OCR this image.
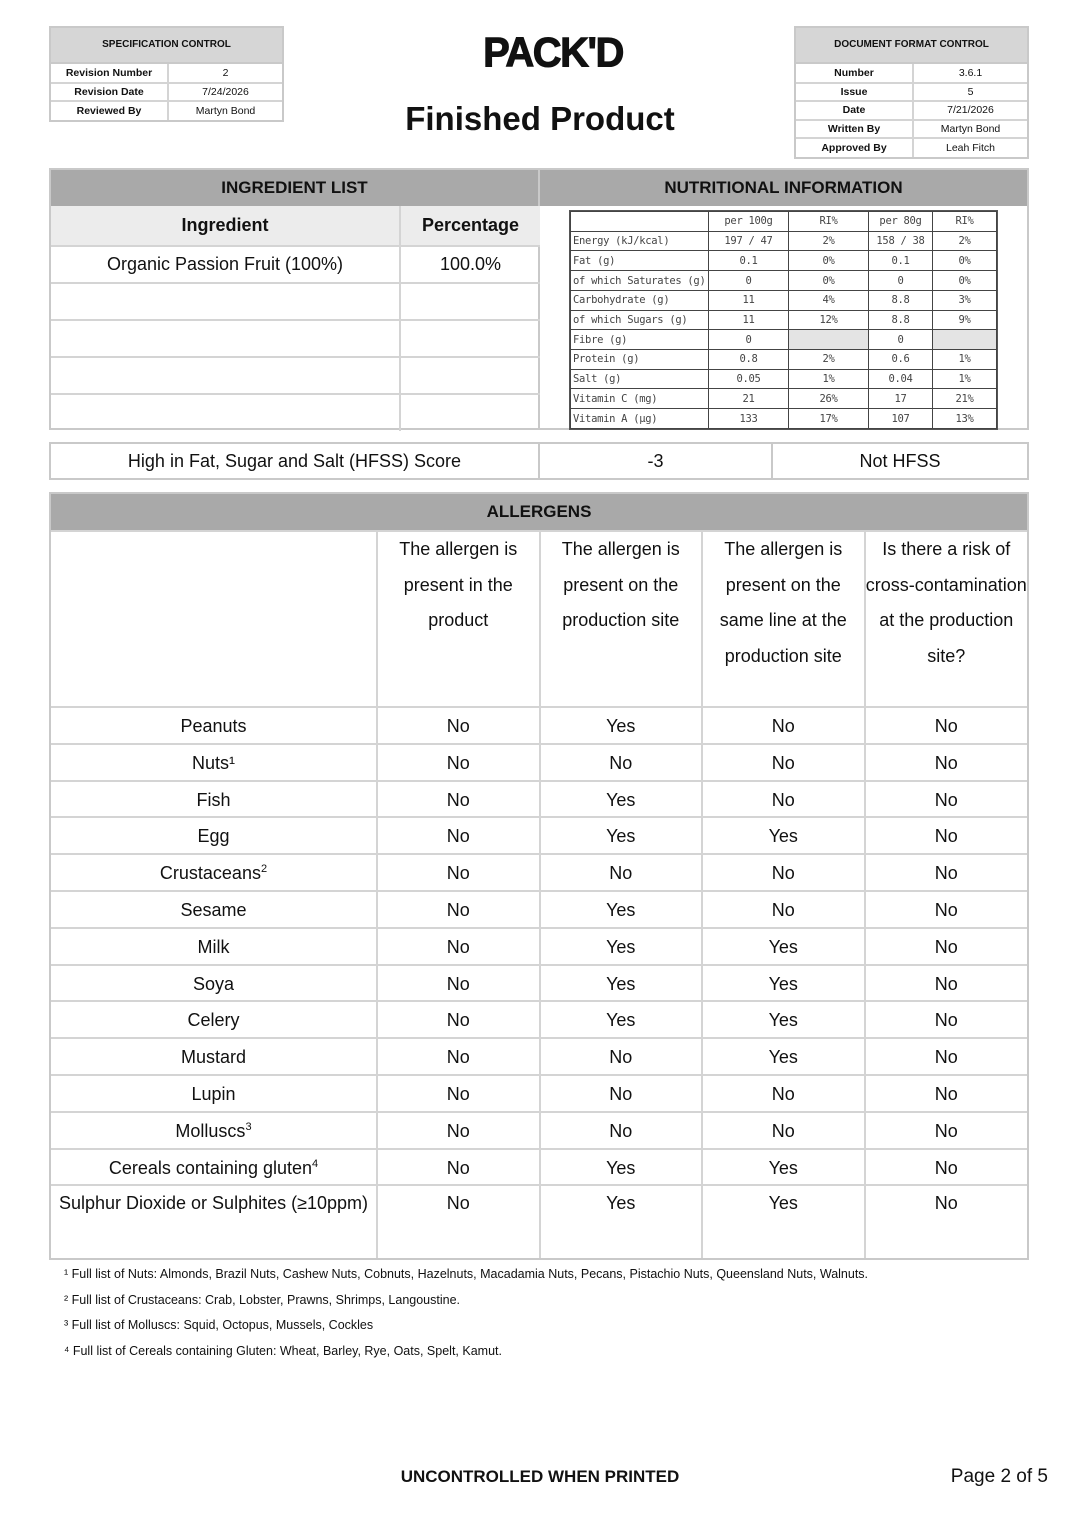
SPECIFICATION CONTROL
Revision Number	2
Revision Date	7/24/2026
Reviewed By	Martyn Bond
PACK'D
Finished Product
DOCUMENT FORMAT CONTROL
Number	3.6.1
Issue	5
Date	7/21/2026
Written By	Martyn Bond
Approved By	Leah Fitch
INGREDIENT LIST
Ingredient	Percentage
Organic Passion Fruit (100%)	100.0%

NUTRITIONAL INFORMATION
	per 100g	RI%	per 80g	RI%
Energy (kJ/kcal)	197 / 47	2%	158 / 38	2%
Fat (g)	0.1	0%	0.1	0%
of which Saturates (g)	0	0%	0	0%
Carbohydrate (g)	11	4%	8.8	3%
of which Sugars (g)	11	12%	8.8	9%
Fibre (g)	0		0	
Protein (g)	0.8	2%	0.6	1%
Salt (g)	0.05	1%	0.04	1%
Vitamin C (mg)	21	26%	17	21%
Vitamin A (µg)	133	17%	107	13%
High in Fat, Sugar and Salt (HFSS) Score	-3	Not HFSS
ALLERGENS
	The allergen is present in the product	The allergen is present on the production site	The allergen is present on the same line at the production site	Is there a risk of cross-contamination at the production site?
Peanuts	No	Yes	No	No
Nuts¹	No	No	No	No
Fish	No	Yes	No	No
Egg	No	Yes	Yes	No
Crustaceans$^2$	No	No	No	No
Sesame	No	Yes	No	No
Milk	No	Yes	Yes	No
Soya	No	Yes	Yes	No
Celery	No	Yes	Yes	No
Mustard	No	No	Yes	No
Lupin	No	No	No	No
Molluscs$^3$	No	No	No	No
Cereals containing gluten$^4$	No	Yes	Yes	No
Sulphur Dioxide or Sulphites (≥10ppm)	No	Yes	Yes	No
¹ Full list of Nuts: Almonds, Brazil Nuts, Cashew Nuts, Cobnuts, Hazelnuts, Macadamia Nuts, Pecans, Pistachio Nuts, Queensland Nuts, Walnuts.
² Full list of Crustaceans: Crab, Lobster, Prawns, Shrimps, Langoustine.
³ Full list of Molluscs: Squid, Octopus, Mussels, Cockles
⁴ Full list of Cereals containing Gluten: Wheat, Barley, Rye, Oats, Spelt, Kamut.
UNCONTROLLED WHEN PRINTED	Page 2 of 5
